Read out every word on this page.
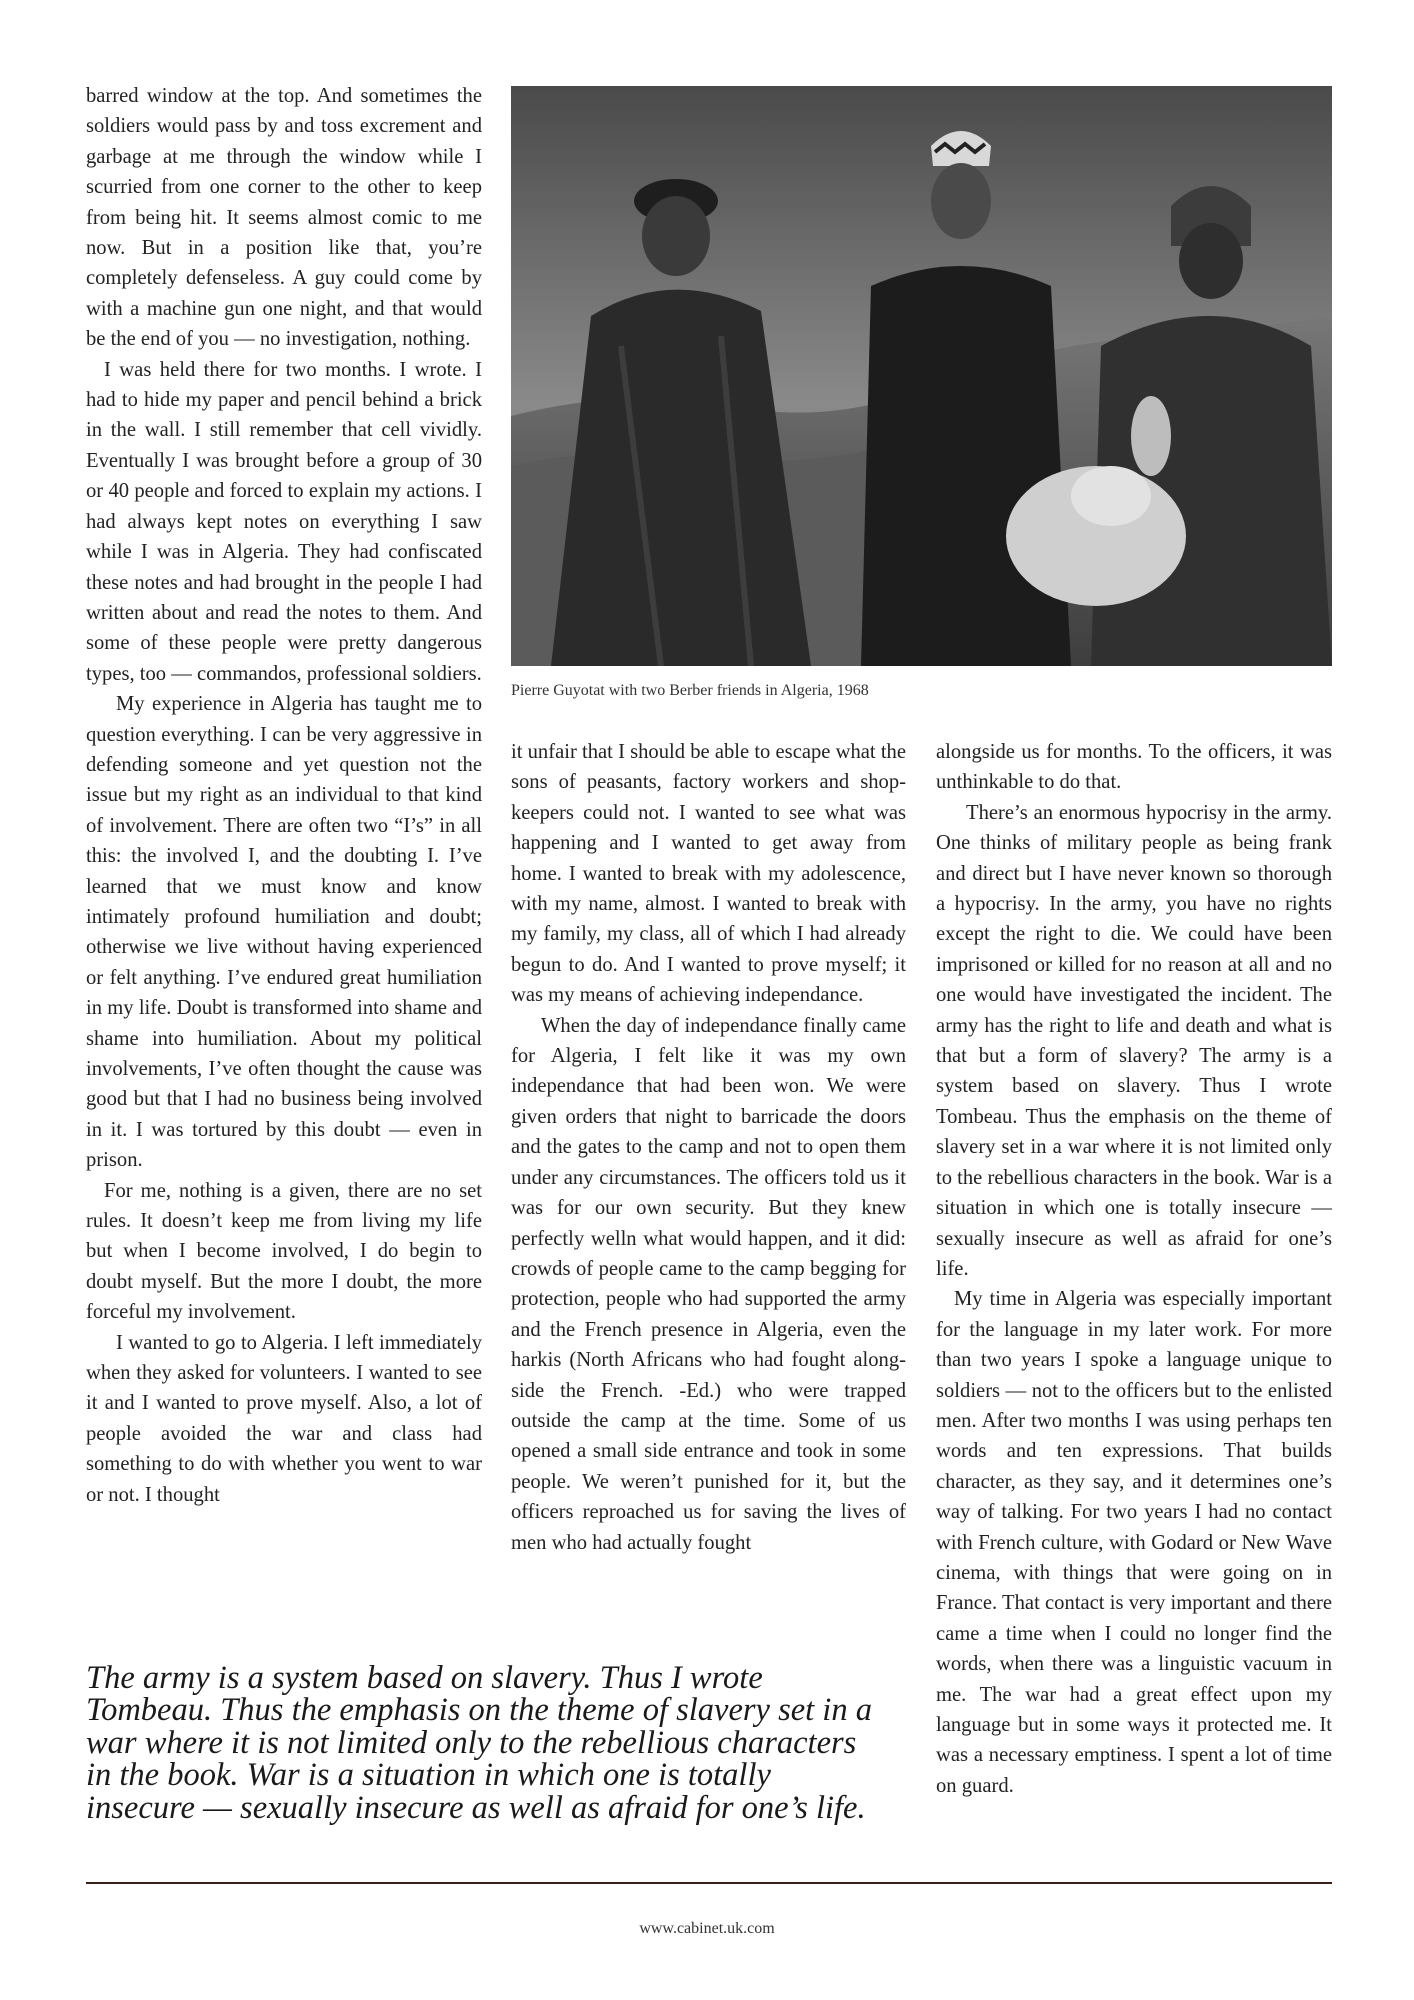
barred window at the top. And sometimes the soldiers would pass by and toss excrement and garbage at me through the window while I scurried from one corner to the other to keep from being hit. It seems almost comic to me now. But in a position like that, you’re completely defenseless. A guy could come by with a machine gun one night, and that would be the end of you — no investigation, nothing.

I was held there for two months. I wrote. I had to hide my paper and pencil behind a brick in the wall. I still remember that cell vividly. Eventually I was brought before a group of 30 or 40 people and forced to explain my actions. I had always kept notes on everything I saw while I was in Algeria. They had confiscated these notes and had brought in the people I had written about and read the notes to them. And some of these people were pretty dangerous types, too — commandos, professional soldiers.

My experience in Algeria has taught me to question everything. I can be very aggressive in defending someone and yet question not the issue but my right as an individual to that kind of involvement. There are often two “I’s” in all this: the involved I, and the doubting I. I’ve learned that we must know and know intimately profound humiliation and doubt; otherwise we live without having experienced or felt anything. I’ve endured great humiliation in my life. Doubt is transformed into shame and shame into humiliation. About my political involvements, I’ve often thought the cause was good but that I had no business being involved in it. I was tortured by this doubt — even in prison.

For me, nothing is a given, there are no set rules. It doesn’t keep me from living my life but when I become involved, I do begin to doubt myself. But the more I doubt, the more forceful my involvement.

I wanted to go to Algeria. I left immediately when they asked for volunteers. I wanted to see it and I wanted to prove myself. Also, a lot of people avoided the war and class had something to do with whether you went to war or not. I thought

Pierre Guyotat with two Berber friends in Algeria, 1968

it unfair that I should be able to escape what the sons of peasants, factory workers and shop-keepers could not. I wanted to see what was happening and I wanted to get away from home. I wanted to break with my adolescence, with my name, almost. I wanted to break with my family, my class, all of which I had already begun to do. And I wanted to prove myself; it was my means of achieving independance.

When the day of independance finally came for Algeria, I felt like it was my own independance that had been won. We were given orders that night to barricade the doors and the gates to the camp and not to open them under any circumstances. The officers told us it was for our own security. But they knew perfectly welln what would happen, and it did: crowds of people came to the camp begging for protection, people who had supported the army and the French presence in Algeria, even the harkis (North Africans who had fought alongside the French. -Ed.) who were trapped outside the camp at the time. Some of us opened a small side entrance and took in some people. We weren’t punished for it, but the officers reproached us for saving the lives of men who had actually fought

alongside us for months. To the officers, it was unthinkable to do that.

There’s an enormous hypocrisy in the army. One thinks of military people as being frank and direct but I have never known so thorough a hypocrisy. In the army, you have no rights except the right to die. We could have been imprisoned or killed for no reason at all and no one would have investigated the incident. The army has the right to life and death and what is that but a form of slavery? The army is a system based on slavery. Thus I wrote Tombeau. Thus the emphasis on the theme of slavery set in a war where it is not limited only to the rebellious characters in the book. War is a situation in which one is totally insecure — sexually insecure as well as afraid for one’s life.

My time in Algeria was especially important for the language in my later work. For more than two years I spoke a language unique to soldiers — not to the officers but to the enlisted men. After two months I was using perhaps ten words and ten expressions. That builds character, as they say, and it determines one’s way of talking. For two years I had no contact with French culture, with Godard or New Wave cinema, with things that were going on in France. That contact is very important and there came a time when I could no longer find the words, when there was a linguistic vacuum in me. The war had a great effect upon my language but in some ways it protected me. It was a necessary emptiness. I spent a lot of time on guard.

The army is a system based on slavery. Thus I wrote Tombeau. Thus the emphasis on the theme of slavery set in a war where it is not limited only to the rebellious characters in the book. War is a situation in which one is totally insecure — sexually insecure as well as afraid for one’s life.

www.cabinet.uk.com
